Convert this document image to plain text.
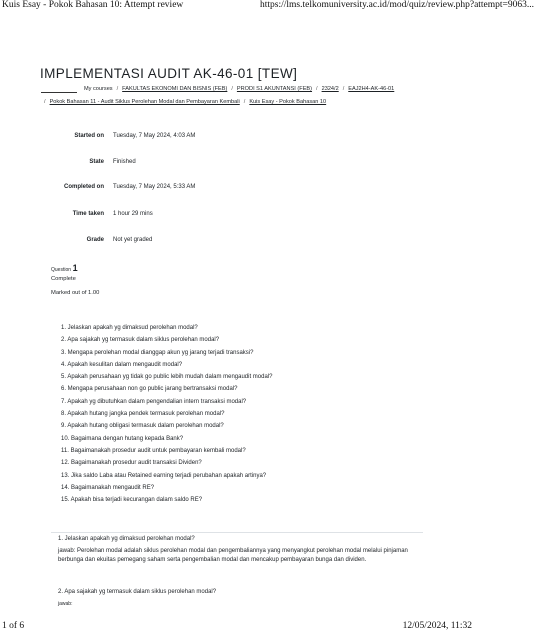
Kuis Esay - Pokok Bahasan 10: Attempt review	https://lms.telkomuniversity.ac.id/mod/quiz/review.php?attempt=9063...
IMPLEMENTASI AUDIT AK-46-01 [TEW]
My courses / FAKULTAS EKONOMI DAN BISNIS (FEB) / PRODI S1 AKUNTANSI (FEB) / 2324/2 / EAJ2H4-AK-46-01
/ Pokok Bahasan 11 - Audit Siklus Perolehan Modal dan Pembayaran Kembali / Kuis Esay - Pokok Bahasan 10
Started on Tuesday, 7 May 2024, 4:03 AM
State Finished
Completed on Tuesday, 7 May 2024, 5:33 AM
Time taken 1 hour 29 mins
Grade Not yet graded
Question 1
Complete
Marked out of 1.00
1. Jelaskan apakah yg dimaksud perolehan modal?
2. Apa sajakah yg termasuk dalam siklus perolehan modal?
3. Mengapa perolehan modal dianggap akun yg jarang terjadi transaksi?
4. Apakah kesulitan dalam mengaudit modal?
5. Apakah perusahaan yg tidak go public lebih mudah dalam mengaudit modal?
6. Mengapa perusahaan non go public jarang bertransaksi modal?
7. Apakah yg dibutuhkan dalam pengendalian intern transaksi modal?
8. Apakah hutang jangka pendek termasuk perolehan modal?
9. Apakah hutang obligasi termasuk dalam perolehan modal?
10. Bagaimana dengan hutang kepada Bank?
11. Bagaimanakah prosedur audit untuk pembayaran kembali modal?
12. Bagaimanakah prosedur audit transaksi Dividen?
13. Jika saldo Laba atau Retained earning terjadi perubahan apakah artinya?
14. Bagaimanakah mengaudit RE?
15. Apakah bisa terjadi kecurangan dalam saldo RE?
1. Jelaskan apakah yg dimaksud perolehan modal?
jawab: Perolehan modal adalah siklus perolehan modal dan pengembaliannya yang menyangkut perolehan modal melalui pinjaman berbunga dan ekuitas pemegang saham serta pengembalian modal dan mencakup pembayaran bunga dan dividen.
2. Apa sajakah yg termasuk dalam siklus perolehan modal?
jawab:
1 of 6	12/05/2024, 11:32
